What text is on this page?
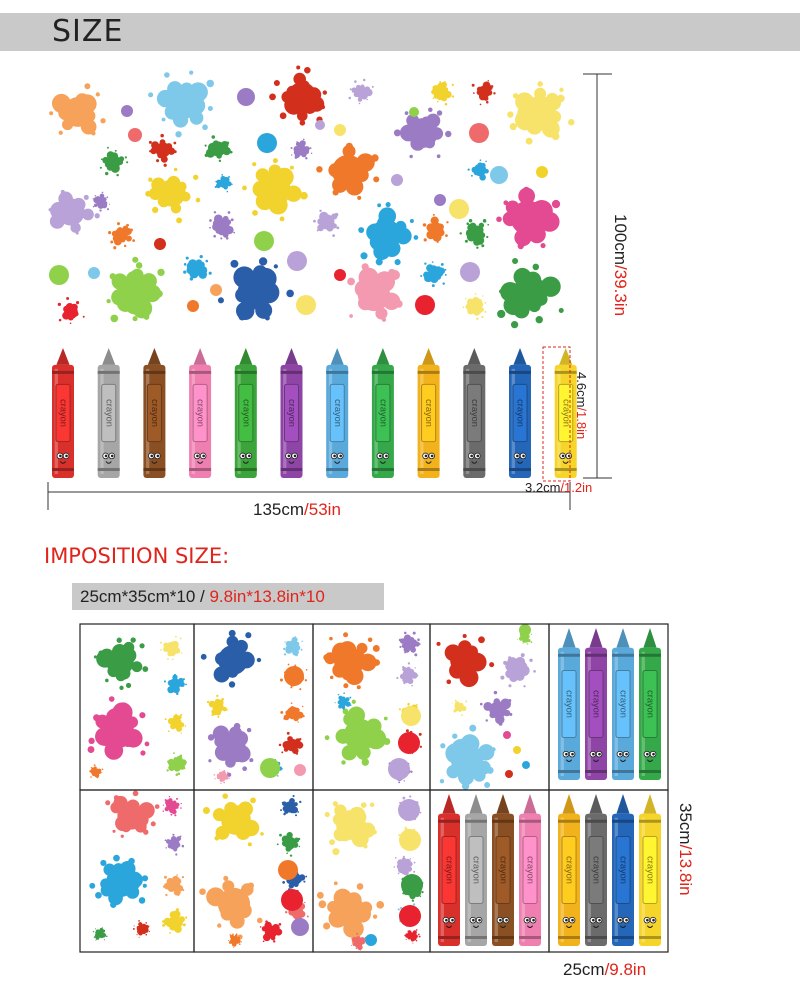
SIZE
crayon	crayon	crayon	crayon	crayon	crayon	crayon	crayon	crayon	crayon	crayon	crayon
135cm/53in
100cm/39.3in
4.6cm/1.8in
3.2cm/1.2in
IMPOSITION SIZE:
25cm*35cm*10 / 9.8in*13.8in*10
crayon crayon crayon crayon
crayon crayon crayon crayon	crayon crayon crayon crayon
35cm/13.8in
25cm/9.8in
